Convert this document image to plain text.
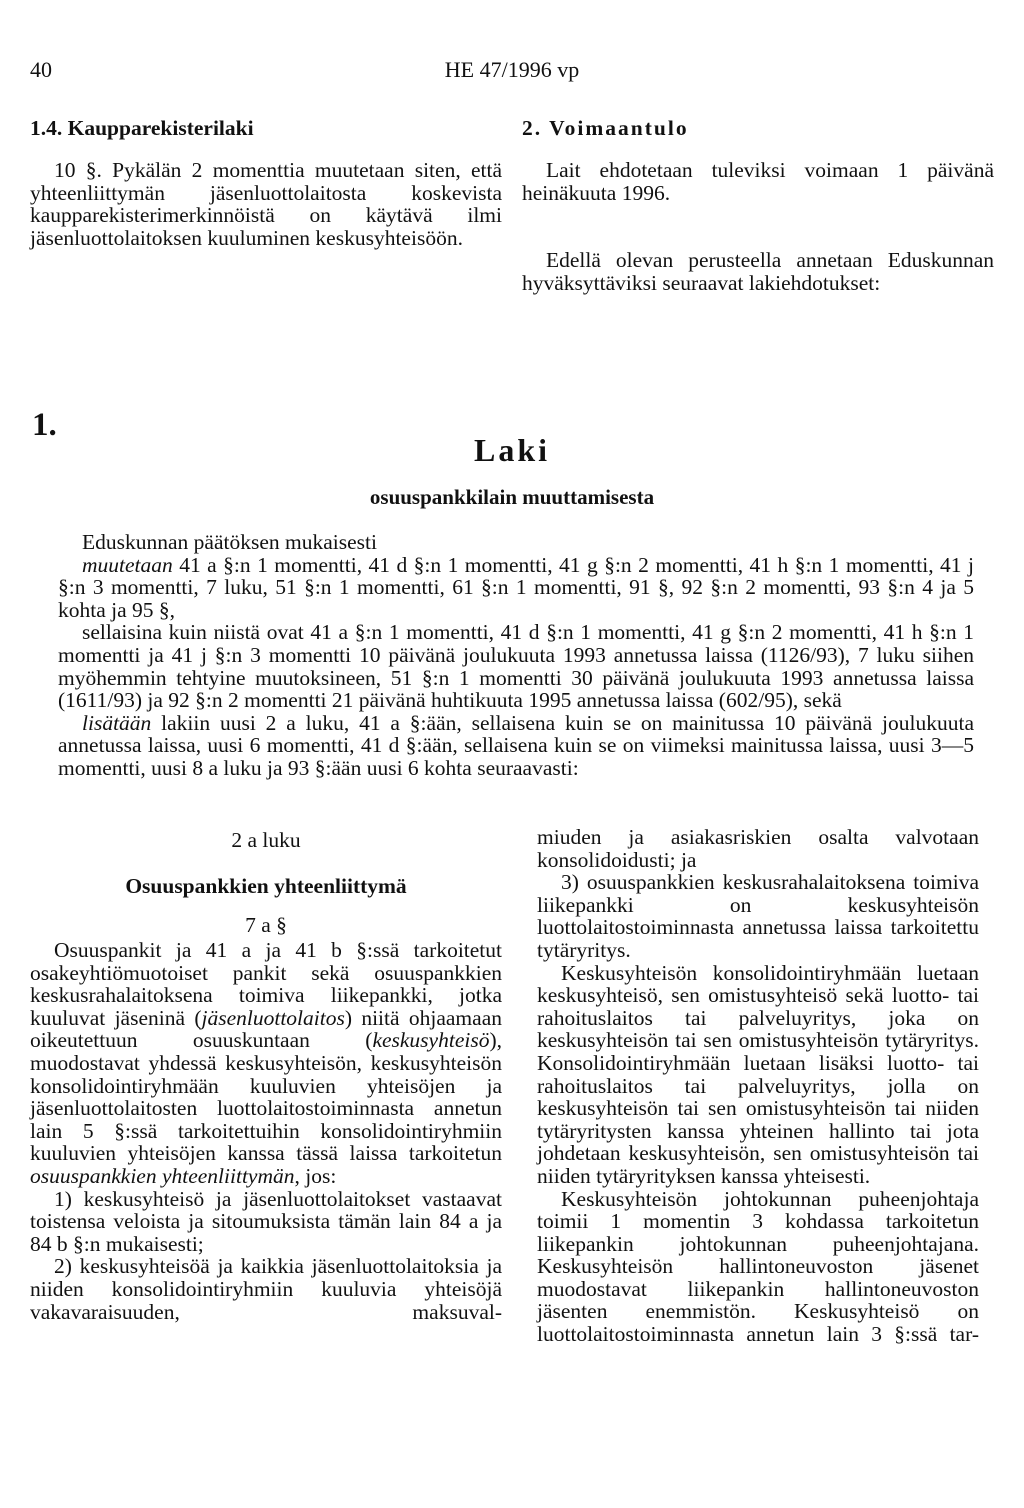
40	HE 47/1996 vp
1.4. Kaupparekisterilaki

10 §. Pykälän 2 momenttia muutetaan siten, että yhteenliittymän jäsenluottolaitosta koskevista kaupparekisterimerkinnöistä on käytävä ilmi jäsenluottolaitoksen kuuluminen keskusyhteisöön.

2. Voimaantulo

Lait ehdotetaan tuleviksi voimaan 1 päivänä heinäkuuta 1996.

Edellä olevan perusteella annetaan Eduskunnan hyväksyttäviksi seuraavat lakiehdotukset:

1.
Laki
osuuspankkilain muuttamisesta

Eduskunnan päätöksen mukaisesti

muutetaan 41 a §:n 1 momentti, 41 d §:n 1 momentti, 41 g §:n 2 momentti, 41 h §:n 1 momentti, 41 j §:n 3 momentti, 7 luku, 51 §:n 1 momentti, 61 §:n 1 momentti, 91 §, 92 §:n 2 momentti, 93 §:n 4 ja 5 kohta ja 95 §,

sellaisina kuin niistä ovat 41 a §:n 1 momentti, 41 d §:n 1 momentti, 41 g §:n 2 momentti, 41 h §:n 1 momentti ja 41 j §:n 3 momentti 10 päivänä joulukuuta 1993 annetussa laissa (1126/93), 7 luku siihen myöhemmin tehtyine muutoksineen, 51 §:n 1 momentti 30 päivänä joulukuuta 1993 annetussa laissa (1611/93) ja 92 §:n 2 momentti 21 päivänä huhtikuuta 1995 annetussa laissa (602/95), sekä

lisätään lakiin uusi 2 a luku, 41 a §:ään, sellaisena kuin se on mainitussa 10 päivänä joulukuuta annetussa laissa, uusi 6 momentti, 41 d §:ään, sellaisena kuin se on viimeksi mainitussa laissa, uusi 3—5 momentti, uusi 8 a luku ja 93 §:ään uusi 6 kohta seuraavasti:

2 a luku
Osuuspankkien yhteenliittymä
7 a §

Osuuspankit ja 41 a ja 41 b §:ssä tarkoitetut osakeyhtiömuotoiset pankit sekä osuuspankkien keskusrahalaitoksena toimiva liikepankki, jotka kuuluvat jäseninä (jäsenluottolaitos) niitä ohjaamaan oikeutettuun osuuskuntaan (keskusyhteisö), muodostavat yhdessä keskusyhteisön, keskusyhteisön konsolidointiryhmään kuuluvien yhteisöjen ja jäsenluottolaitosten luottolaitostoiminnasta annetun lain 5 §:ssä tarkoitettuihin konsolidointiryhmiin kuuluvien yhteisöjen kanssa tässä laissa tarkoitetun osuuspankkien yhteenliittymän, jos:

1) keskusyhteisö ja jäsenluottolaitokset vastaavat toistensa veloista ja sitoumuksista tämän lain 84 a ja 84 b §:n mukaisesti;

2) keskusyhteisöä ja kaikkia jäsenluottolaitoksia ja niiden konsolidointiryhmiin kuuluvia yhteisöjä vakavaraisuuden, maksuval-

miuden ja asiakasriskien osalta valvotaan konsolidoidusti; ja

3) osuuspankkien keskusrahalaitoksena toimiva liikepankki on keskusyhteisön luottolaitostoiminnasta annetussa laissa tarkoitettu tytäryritys.

Keskusyhteisön konsolidointiryhmään luetaan keskusyhteisö, sen omistusyhteisö sekä luotto- tai rahoituslaitos tai palveluyritys, joka on keskusyhteisön tai sen omistusyhteisön tytäryritys. Konsolidointiryhmään luetaan lisäksi luotto- tai rahoituslaitos tai palveluyritys, jolla on keskusyhteisön tai sen omistusyhteisön tai niiden tytäryritysten kanssa yhteinen hallinto tai jota johdetaan keskusyhteisön, sen omistusyhteisön tai niiden tytäryrityksen kanssa yhteisesti.

Keskusyhteisön johtokunnan puheenjohtaja toimii 1 momentin 3 kohdassa tarkoitetun liikepankin johtokunnan puheenjohtajana. Keskusyhteisön hallintoneuvoston jäsenet muodostavat liikepankin hallintoneuvoston jäsenten enemmistön. Keskusyhteisö on luottolaitostoiminnasta annetun lain 3 §:ssä tar-
